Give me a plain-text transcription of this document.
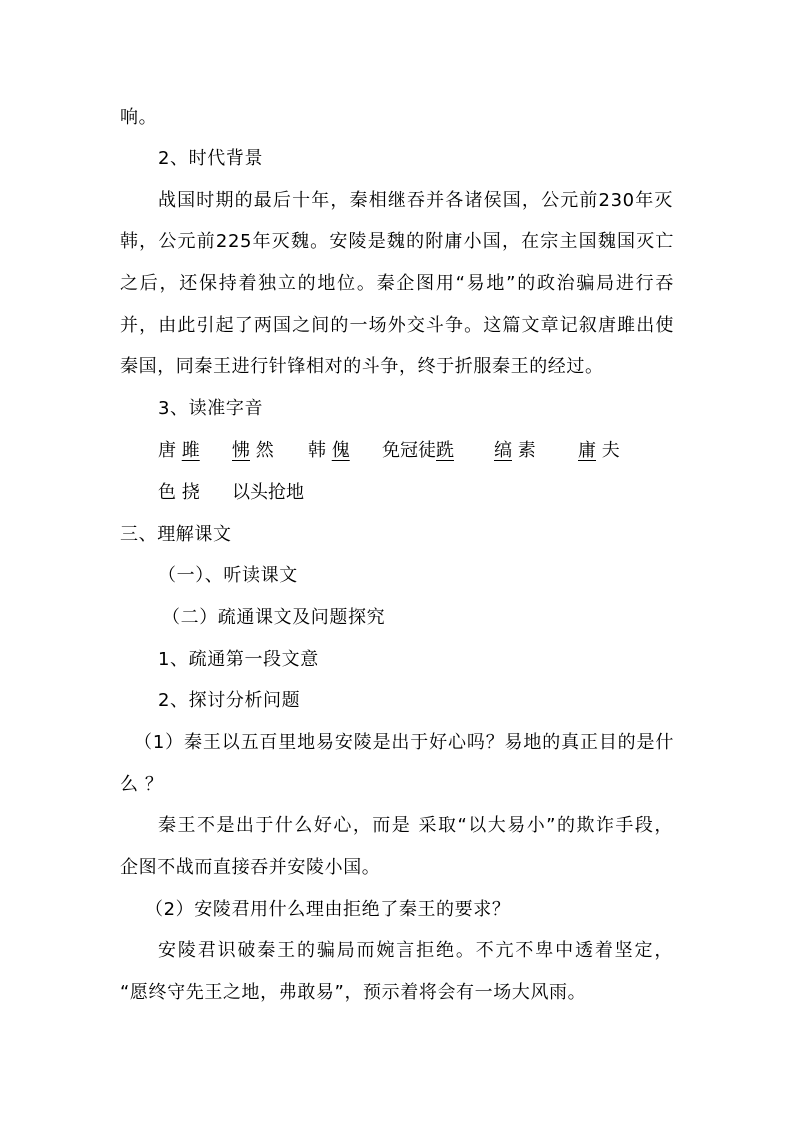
响。
2、时代背景
战国时期的最后十年，秦相继吞并各诸侯国，公元前230年灭
韩，公元前225年灭魏。安陵是魏的附庸小国，在宗主国魏国灭亡
之后，还保持着独立的地位。秦企图用“易地”的政治骗局进行吞
并，由此引起了两国之间的一场外交斗争。这篇文章记叙唐雎出使
秦国，同秦王进行针锋相对的斗争，终于折服秦王的经过。
3、读准字音
唐 雎 怫 然 韩 傀 免冠徒跣 缟 素 庸 夫
色 挠 以头抢地
三、理解课文
（一）、听读课文
（二）疏通课文及问题探究
1、疏通第一段文意
2、探讨分析问题
（1）秦王以五百里地易安陵是出于好心吗？易地的真正目的是什
么 ？
秦王不是出于什么好心，而是 采取“以大易小”的欺诈手段，
企图不战而直接吞并安陵小国。
（2）安陵君用什么理由拒绝了秦王的要求？
安陵君识破秦王的骗局而婉言拒绝。不亢不卑中透着坚定，
“愿终守先王之地，弗敢易”，预示着将会有一场大风雨。
